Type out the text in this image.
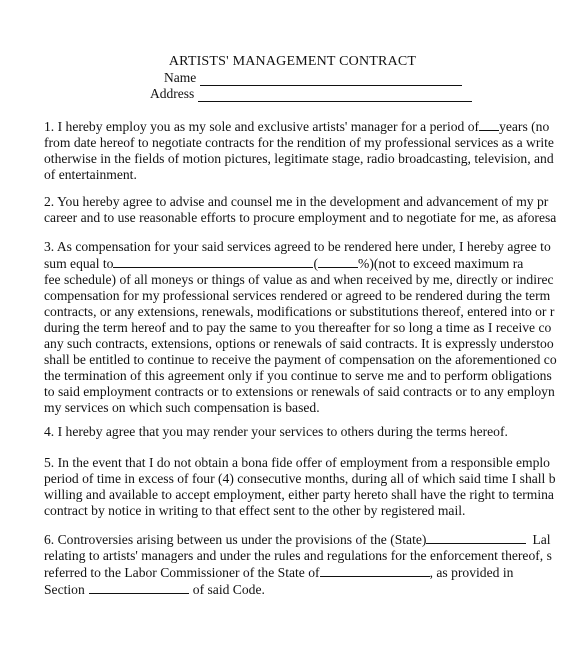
ARTISTS' MANAGEMENT CONTRACT
Name
Address
1. I hereby employ you as my sole and exclusive artists' manager for a period of years (no
from date hereof to negotiate contracts for the rendition of my professional services as a write
otherwise in the fields of motion pictures, legitimate stage, radio broadcasting, television, and
of entertainment.
2. You hereby agree to advise and counsel me in the development and advancement of my pr
career and to use reasonable efforts to procure employment and to negotiate for me, as aforesa
3. As compensation for your said services agreed to be rendered here under, I hereby agree to
sum equal to	(	%)(not to exceed maximum ra
fee schedule) of all moneys or things of value as and when received by me, directly or indirec
compensation for my professional services rendered or agreed to be rendered during the term
contracts, or any extensions, renewals, modifications or substitutions thereof, entered into or r
during the term hereof and to pay the same to you thereafter for so long a time as I receive co
any such contracts, extensions, options or renewals of said contracts. It is expressly understoo
shall be entitled to continue to receive the payment of compensation on the aforementioned co
the termination of this agreement only if you continue to serve me and to perform obligations
to said employment contracts or to extensions or renewals of said contracts or to any employn
my services on which such compensation is based.
4. I hereby agree that you may render your services to others during the terms hereof.
5. In the event that I do not obtain a bona fide offer of employment from a responsible emplo
period of time in excess of four (4) consecutive months, during all of which said time I shall b
willing and available to accept employment, either party hereto shall have the right to termina
contract by notice in writing to that effect sent to the other by registered mail.
6. Controversies arising between us under the provisions of the (State)	Lal
relating to artists' managers and under the rules and regulations for the enforcement thereof, s
referred to the Labor Commissioner of the State of	, as provided in
Section	of said Code.
